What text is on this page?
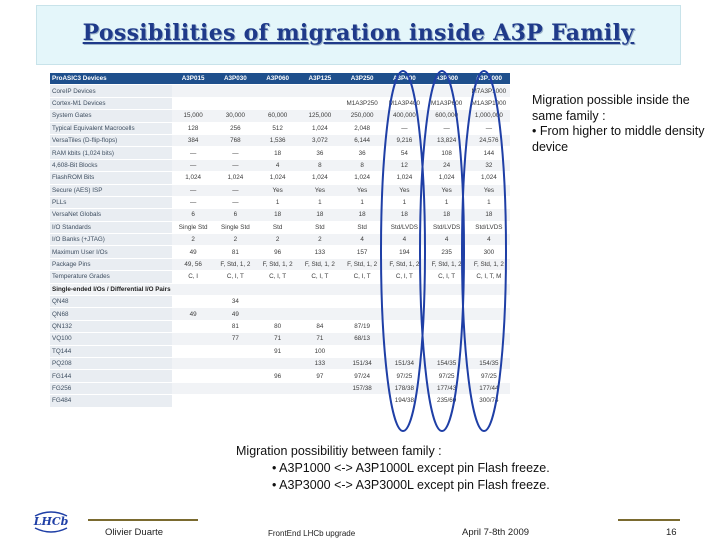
Possibilities of migration inside A3P Family
ProASIC3 Devices	A3P015	A3P030	A3P060	A3P125	A3P250	A3P400	A3P600	A3P1000
CoreIP Devices								M7A3P1000
Cortex-M1 Devices					M1A3P250	M1A3P400	M1A3P600	M1A3P1000
System Gates	15,000	30,000	60,000	125,000	250,000	400,000	600,000	1,000,000
Typical Equivalent Macrocells	128	256	512	1,024	2,048	—	—	—
VersaTiles (D-flip-flops)	384	768	1,536	3,072	6,144	9,216	13,824	24,576
RAM kbits (1,024 bits)	—	—	18	36	36	54	108	144
4,608-Bit Blocks	—	—	4	8	8	12	24	32
FlashROM Bits	1,024	1,024	1,024	1,024	1,024	1,024	1,024	1,024
Secure (AES) ISP	—	—	Yes	Yes	Yes	Yes	Yes	Yes
PLLs	—	—	1	1	1	1	1	1
VersaNet Globals	6	6	18	18	18	18	18	18
I/O Standards	Single Std	Single Std	Std	Std	Std	Std/LVDS	Std/LVDS	Std/LVDS
I/O Banks (+JTAG)	2	2	2	2	4	4	4	4
Maximum User I/Os	49	81	96	133	157	194	235	300
Package Pins	49, 56	F, Std, 1, 2	F, Std, 1, 2	F, Std, 1, 2	F, Std, 1, 2	F, Std, 1, 2	F, Std, 1, 2	F, Std, 1, 2
Temperature Grades	C, I	C, I, T	C, I, T	C, I, T	C, I, T	C, I, T	C, I, T	C, I, T, M
Single-ended I/Os / Differential I/O Pairs								
QN48		34						
QN68	49	49						
QN132		81	80	84	87/19			
VQ100		77	71	71	68/13			
TQ144			91	100				
PQ208				133	151/34	151/34	154/35	154/35
FG144			96	97	97/24	97/25	97/25	97/25
FG256					157/38	178/38	177/43	177/44
FG484						194/38	235/60	300/74
Migration possible inside the same family :
• From higher to middle density device
Migration possibilitiy between family :
• A3P1000 <-> A3P1000L except pin Flash freeze.
• A3P3000 <-> A3P3000L except pin Flash freeze.
LHCb
Olivier Duarte	FrontEnd LHCb upgrade	April 7-8th 2009	16
